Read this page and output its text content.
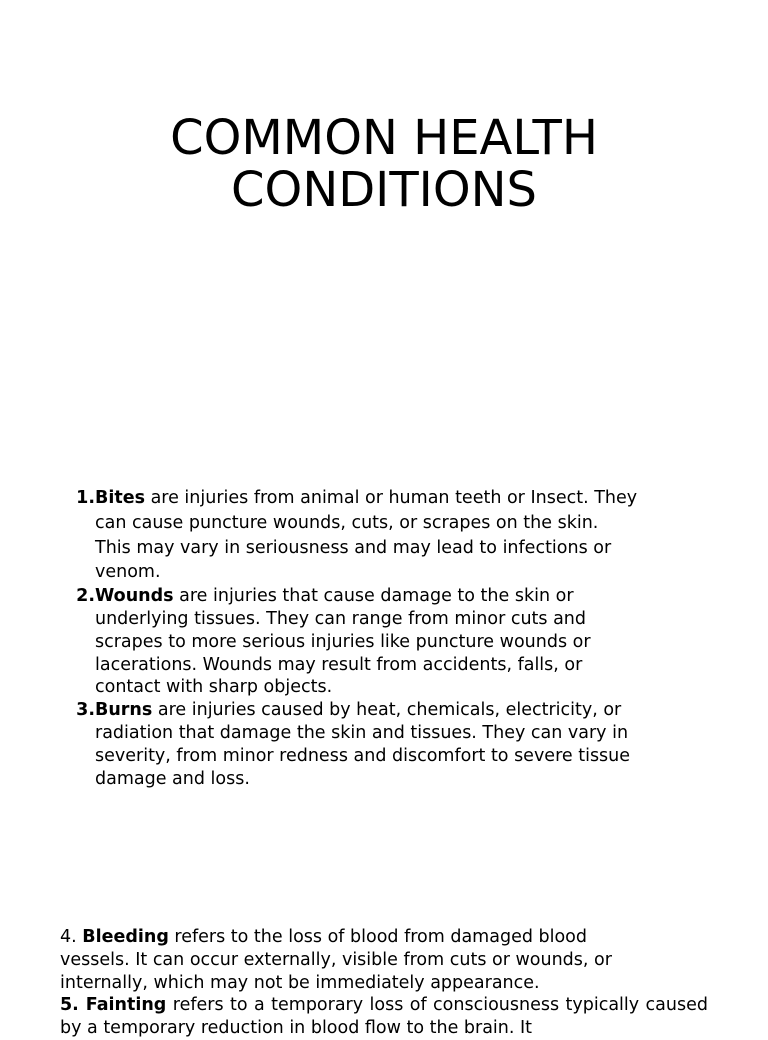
COMMON HEALTH
CONDITIONS
1. Bites are injuries from animal or human teeth or Insect. They
can cause puncture wounds, cuts, or scrapes on the skin.
This may vary in seriousness and may lead to infections or
venom.
2. Wounds are injuries that cause damage to the skin or
underlying tissues. They can range from minor cuts and
scrapes to more serious injuries like puncture wounds or
lacerations. Wounds may result from accidents, falls, or
contact with sharp objects.
3. Burns are injuries caused by heat, chemicals, electricity, or
radiation that damage the skin and tissues. They can vary in
severity, from minor redness and discomfort to severe tissue
damage and loss.

4. Bleeding refers to the loss of blood from damaged blood
vessels. It can occur externally, visible from cuts or wounds, or
internally, which may not be immediately appearance.

5. Fainting refers to a temporary loss of consciousness typically caused by a temporary reduction in blood flow to the brain. It
